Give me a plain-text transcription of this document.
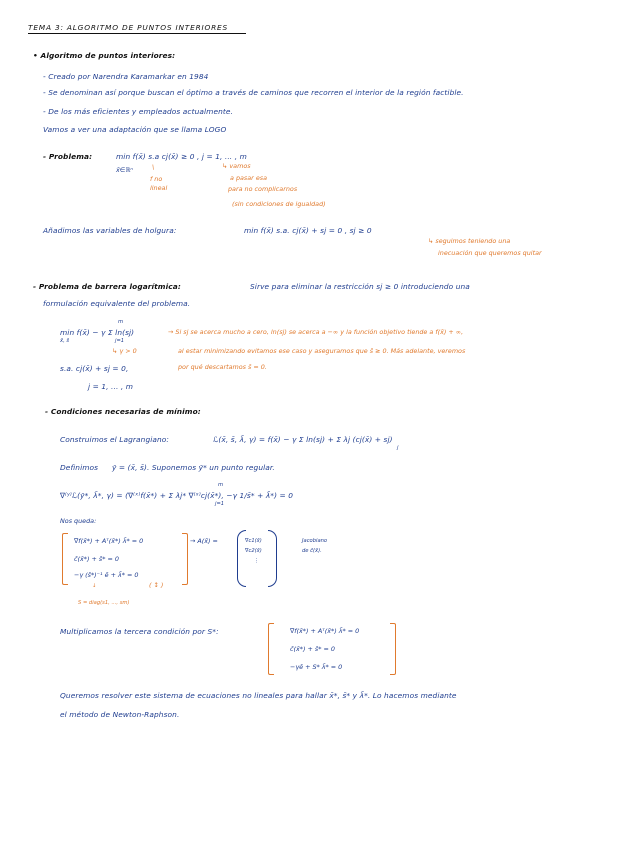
TEMA 3: ALGORITMO DE PUNTOS INTERIORES
• Algoritmo de puntos interiores:
- Creado por Narendra Karamarkar en 1984
- Se denominan así porque buscan el óptimo a través de caminos que recorren el interior de la región factible.
- De los más eficientes y empleados actualmente.
Vamos a ver una adaptación que se llama LOGO
- Problema:	min f(x̄) s.a cj(x̄) ≥ 0 , j = 1, ... , m
x̄∈ℝⁿ	\
f no
lineal
↳ vamos
a pasar esa
para no complicarnos
(sin condiciones de igualdad)
Añadimos las variables de holgura:	min f(x̄) s.a. cj(x̄) + sj = 0 , sj ≥ 0
↳ seguimos teniendo una
inecuación que queremos quitar
- Problema de barrera logarítmica:	Sirve para eliminar la restricción sj ≥ 0 introduciendo una
formulación equivalente del problema.
m
min f(x̄) − γ Σ ln(sj)
x̄, s̄	j=1
↳ γ > 0
s.a. cj(x̄) + sj = 0,
j = 1, ... , m
→ Si sj se acerca mucho a cero, ln(sj) se acerca a −∞ y la función objetivo tiende a f(x̄) + ∞,
al estar minimizando evitamos ese caso y aseguramos que s̄ ≥ 0. Más adelante, veremos
por qué descartamos s̄ = 0.
- Condiciones necesarias de mínimo:
Construimos el Lagrangiano:	ℒ(x̄, s̄, λ̄, γ) = f(x̄) − γ Σ ln(sj) + Σ λj (cj(x̄) + sj)
j
Definimos ȳ = (x̄, s̄). Suponemos ȳ* un punto regular.
m
∇⁽ʸ⁾ℒ(ȳ*, λ̄*, γ) = (∇⁽ˣ⁾f(x̄*) + Σ λj* ∇⁽ˣ⁾cj(x̄*), −γ 1/s̄* + λ̄*) = 0
j=1
Nos queda:
∇f(x̄*) + Aᵀ(x̄*) λ̄* = 0
c̄(x̄*) + s̄* = 0
−γ (s̄*)⁻¹ ē + λ̄* = 0
↓	( ↕ )
S = diag(s1, ..., sm)
→ A(x̄) =	∇c1(x̄)
∇c2(x̄)
⋮
Jacobiano
de c̄(x̄).
Multiplicamos la tercera condición por S*:	∇f(x̄*) + Aᵀ(x̄*) λ̄* = 0
c̄(x̄*) + s̄* = 0
−γē + S* λ̄* = 0
Queremos resolver este sistema de ecuaciones no lineales para hallar x̄*, s̄* y λ̄*. Lo hacemos mediante
el método de Newton-Raphson.
